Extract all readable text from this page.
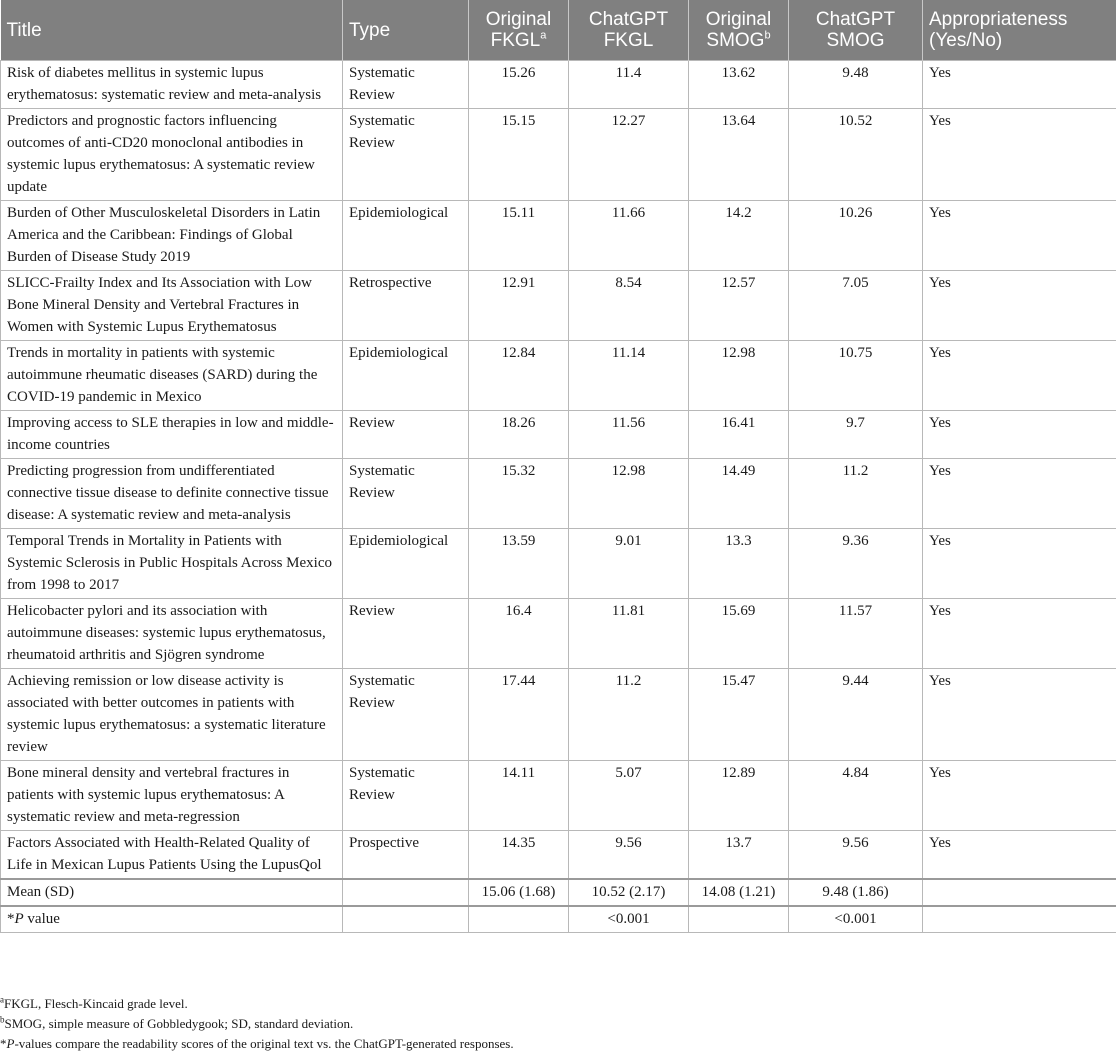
Title	Type	Original FKGL$^a$	ChatGPT FKGL	Original SMOG$^b$	ChatGPT SMOG	Appropriateness (Yes/No)
Risk of diabetes mellitus in systemic lupus erythematosus: systematic review and meta-analysis	Systematic Review	15.26	11.4	13.62	9.48	Yes
Predictors and prognostic factors influencing outcomes of anti-CD20 monoclonal antibodies in systemic lupus erythematosus: A systematic review update	Systematic Review	15.15	12.27	13.64	10.52	Yes
Burden of Other Musculoskeletal Disorders in Latin America and the Caribbean: Findings of Global Burden of Disease Study 2019	Epidemiological	15.11	11.66	14.2	10.26	Yes
SLICC-Frailty Index and Its Association with Low Bone Mineral Density and Vertebral Fractures in Women with Systemic Lupus Erythematosus	Retrospective	12.91	8.54	12.57	7.05	Yes
Trends in mortality in patients with systemic autoimmune rheumatic diseases (SARD) during the COVID-19 pandemic in Mexico	Epidemiological	12.84	11.14	12.98	10.75	Yes
Improving access to SLE therapies in low and middle-income countries	Review	18.26	11.56	16.41	9.7	Yes
Predicting progression from undifferentiated connective tissue disease to definite connective tissue disease: A systematic review and meta-analysis	Systematic Review	15.32	12.98	14.49	11.2	Yes
Temporal Trends in Mortality in Patients with Systemic Sclerosis in Public Hospitals Across Mexico from 1998 to 2017	Epidemiological	13.59	9.01	13.3	9.36	Yes
Helicobacter pylori and its association with autoimmune diseases: systemic lupus erythematosus, rheumatoid arthritis and Sjögren syndrome	Review	16.4	11.81	15.69	11.57	Yes
Achieving remission or low disease activity is associated with better outcomes in patients with systemic lupus erythematosus: a systematic literature review	Systematic Review	17.44	11.2	15.47	9.44	Yes
Bone mineral density and vertebral fractures in patients with systemic lupus erythematosus: A systematic review and meta-regression	Systematic Review	14.11	5.07	12.89	4.84	Yes
Factors Associated with Health-Related Quality of Life in Mexican Lupus Patients Using the LupusQol	Prospective	14.35	9.56	13.7	9.56	Yes
Mean (SD)		15.06 (1.68)	10.52 (2.17)	14.08 (1.21)	9.48 (1.86)	
*P value			<0.001		<0.001	
$^a$FKGL, Flesch-Kincaid grade level.
$^b$SMOG, simple measure of Gobbledygook; SD, standard deviation.
*P-values compare the readability scores of the original text vs. the ChatGPT-generated responses.
